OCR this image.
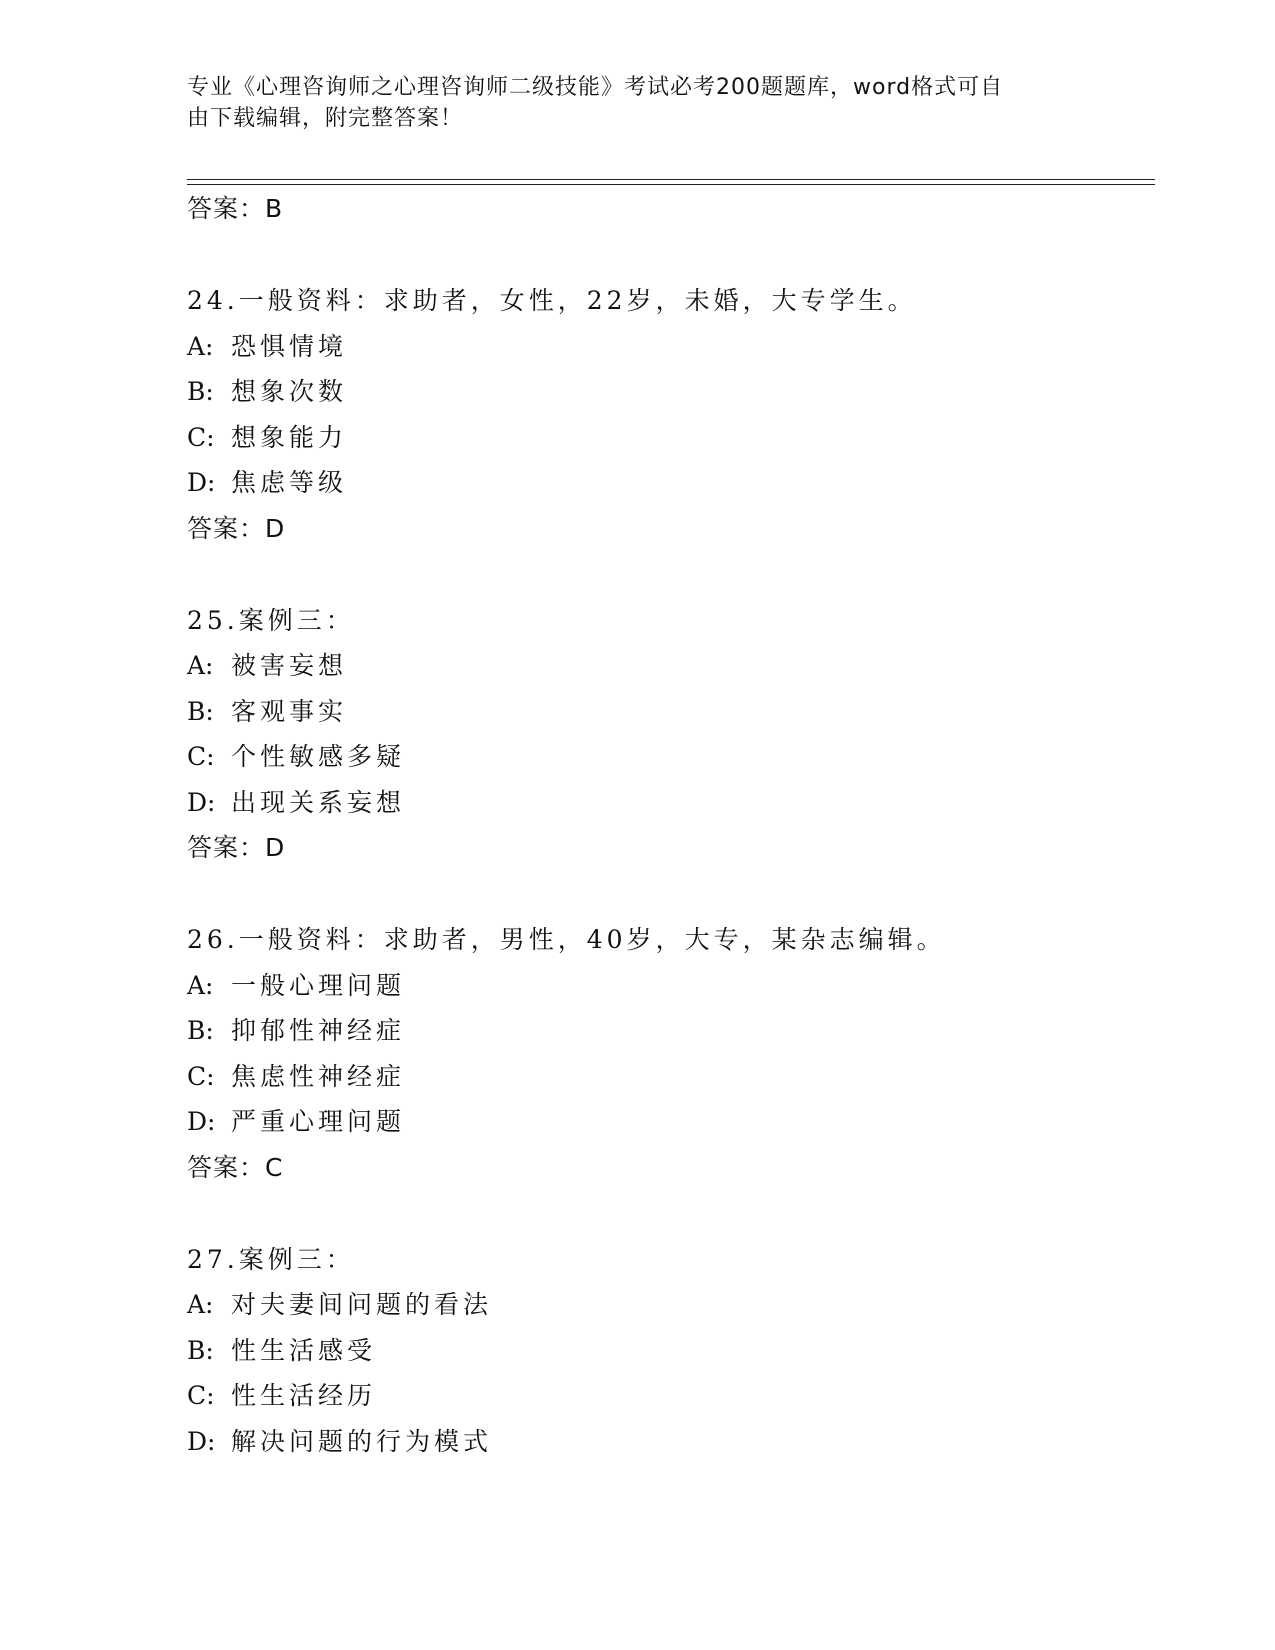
专业《心理咨询师之心理咨询师二级技能》考试必考200题题库，word格式可自
由下载编辑，附完整答案！
答案：B
24.一般资料：求助者，女性，22岁，未婚，大专学生。
A: 恐惧情境
B: 想象次数
C: 想象能力
D: 焦虑等级
答案：D
25.案例三：
A: 被害妄想
B: 客观事实
C: 个性敏感多疑
D: 出现关系妄想
答案：D
26.一般资料：求助者，男性，40岁，大专，某杂志编辑。
A: 一般心理问题
B: 抑郁性神经症
C: 焦虑性神经症
D: 严重心理问题
答案：C
27.案例三：
A: 对夫妻间问题的看法
B: 性生活感受
C: 性生活经历
D: 解决问题的行为模式
